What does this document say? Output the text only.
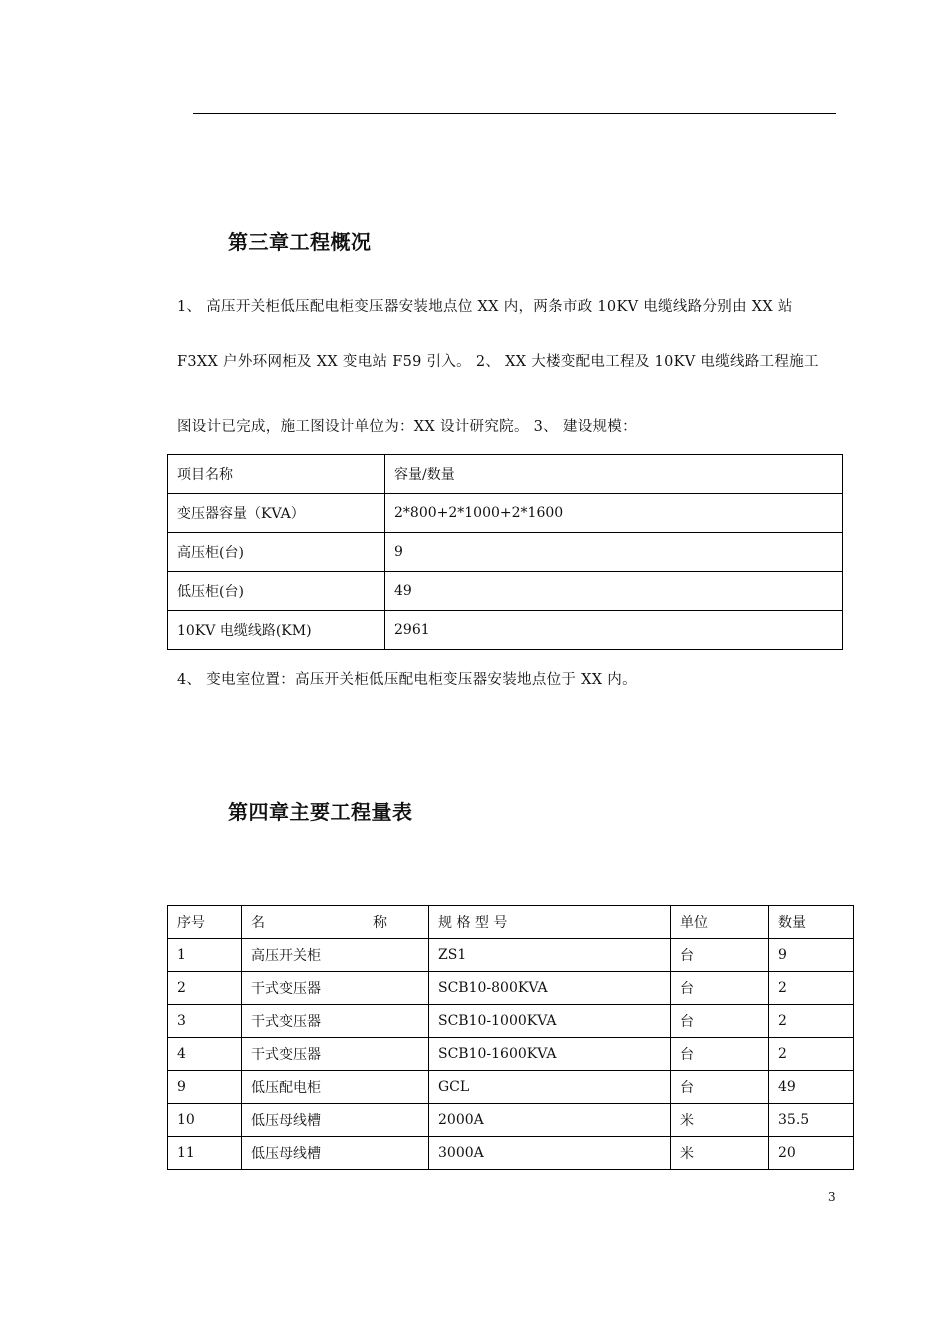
第三章工程概况
1、 高压开关柜低压配电柜变压器安装地点位 XX 内，两条市政 10KV 电缆线路分别由 XX 站
F3XX 户外环网柜及 XX 变电站 F59 引入。 2、 XX 大楼变配电工程及 10KV 电缆线路工程施工
图设计已完成，施工图设计单位为：XX 设计研究院。 3、 建设规模：
项目名称	容量/数量
变压器容量（KVA）	2*800+2*1000+2*1600
高压柜(台)	9
低压柜(台)	49
10KV 电缆线路(KM)	2961
4、 变电室位置：高压开关柜低压配电柜变压器安装地点位于 XX 内。
第四章主要工程量表
序号	名 称	规 格 型 号	单位	数量
1	高压开关柜	ZS1	台	9
2	干式变压器	SCB10-800KVA	台	2
3	干式变压器	SCB10-1000KVA	台	2
4	干式变压器	SCB10-1600KVA	台	2
9	低压配电柜	GCL	台	49
10	低压母线槽	2000A	米	35.5
11	低压母线槽	3000A	米	20
3
